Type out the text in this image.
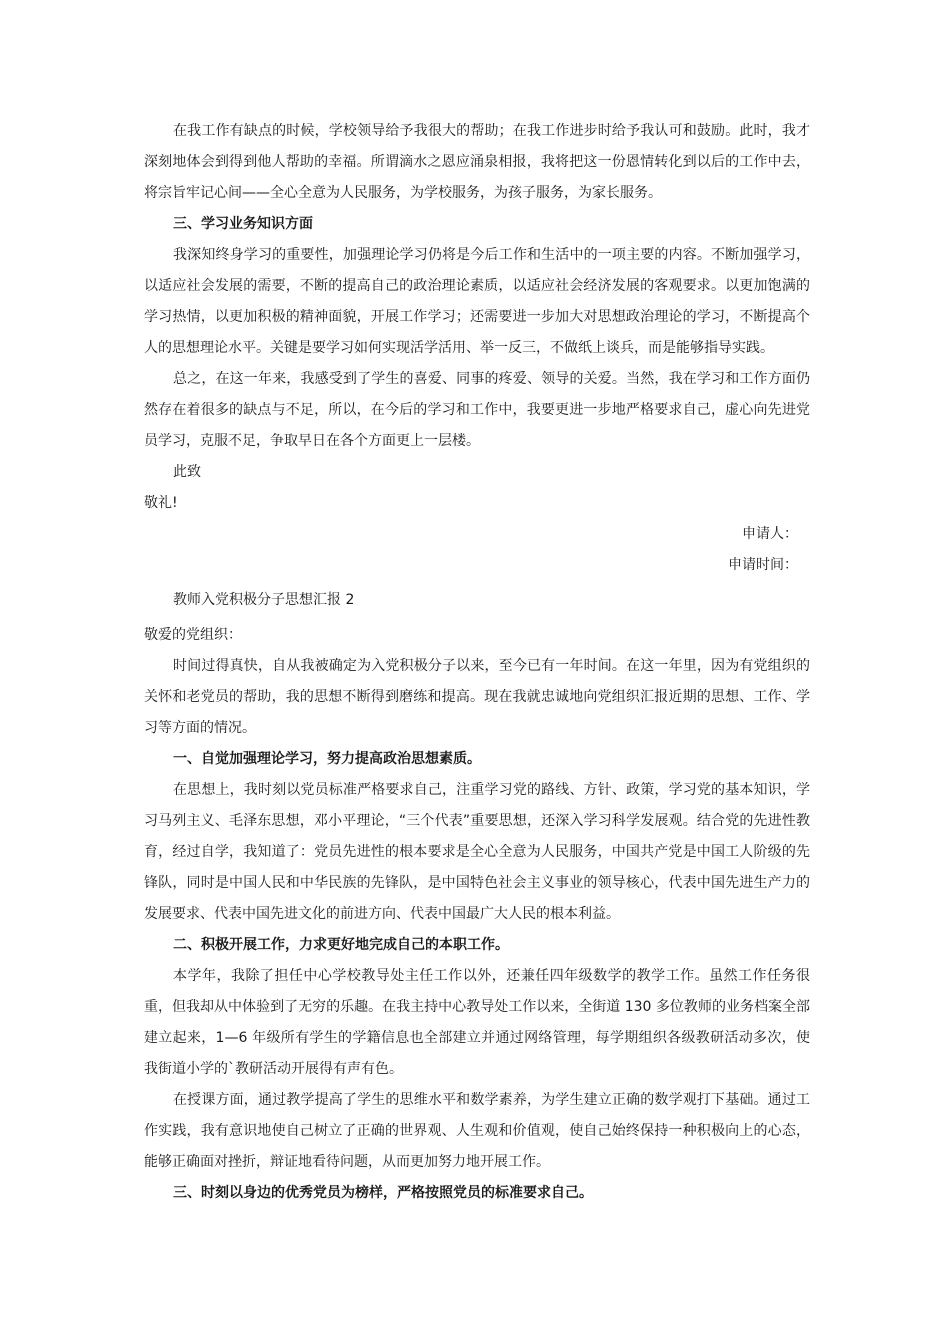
在我工作有缺点的时候，学校领导给予我很大的帮助；在我工作进步时给予我认可和鼓励。此时，我才深刻地体会到得到他人帮助的幸福。所谓滴水之恩应涌泉相报，我将把这一份恩情转化到以后的工作中去，将宗旨牢记心间——全心全意为人民服务，为学校服务，为孩子服务，为家长服务。

三、学习业务知识方面

我深知终身学习的重要性，加强理论学习仍将是今后工作和生活中的一项主要的内容。不断加强学习，以适应社会发展的需要，不断的提高自己的政治理论素质，以适应社会经济发展的客观要求。以更加饱满的学习热情，以更加积极的精神面貌，开展工作学习；还需要进一步加大对思想政治理论的学习，不断提高个人的思想理论水平。关键是要学习如何实现活学活用、举一反三，不做纸上谈兵，而是能够指导实践。

总之，在这一年来，我感受到了学生的喜爱、同事的疼爱、领导的关爱。当然，我在学习和工作方面仍然存在着很多的缺点与不足，所以，在今后的学习和工作中，我要更进一步地严格要求自己，虚心向先进党员学习，克服不足，争取早日在各个方面更上一层楼。

此致

敬礼!

申请人：

申请时间：

教师入党积极分子思想汇报 2

敬爱的党组织：

时间过得真快，自从我被确定为入党积极分子以来，至今已有一年时间。在这一年里，因为有党组织的关怀和老党员的帮助，我的思想不断得到磨练和提高。现在我就忠诚地向党组织汇报近期的思想、工作、学习等方面的情况。

一、自觉加强理论学习，努力提高政治思想素质。

在思想上，我时刻以党员标准严格要求自己，注重学习党的路线、方针、政策，学习党的基本知识，学习马列主义、毛泽东思想，邓小平理论，“三个代表”重要思想，还深入学习科学发展观。结合党的先进性教育，经过自学，我知道了：党员先进性的根本要求是全心全意为人民服务，中国共产党是中国工人阶级的先锋队，同时是中国人民和中华民族的先锋队，是中国特色社会主义事业的领导核心，代表中国先进生产力的发展要求、代表中国先进文化的前进方向、代表中国最广大人民的根本利益。

二、积极开展工作，力求更好地完成自己的本职工作。

本学年，我除了担任中心学校教导处主任工作以外，还兼任四年级数学的教学工作。虽然工作任务很重，但我却从中体验到了无穷的乐趣。在我主持中心教导处工作以来，全街道 130 多位教师的业务档案全部建立起来，1—6 年级所有学生的学籍信息也全部建立并通过网络管理，每学期组织各级教研活动多次，使我街道小学的`教研活动开展得有声有色。

在授课方面，通过教学提高了学生的思维水平和数学素养，为学生建立正确的数学观打下基础。通过工作实践，我有意识地使自己树立了正确的世界观、人生观和价值观，使自己始终保持一种积极向上的心态，能够正确面对挫折，辩证地看待问题，从而更加努力地开展工作。

三、时刻以身边的优秀党员为榜样，严格按照党员的标准要求自己。
